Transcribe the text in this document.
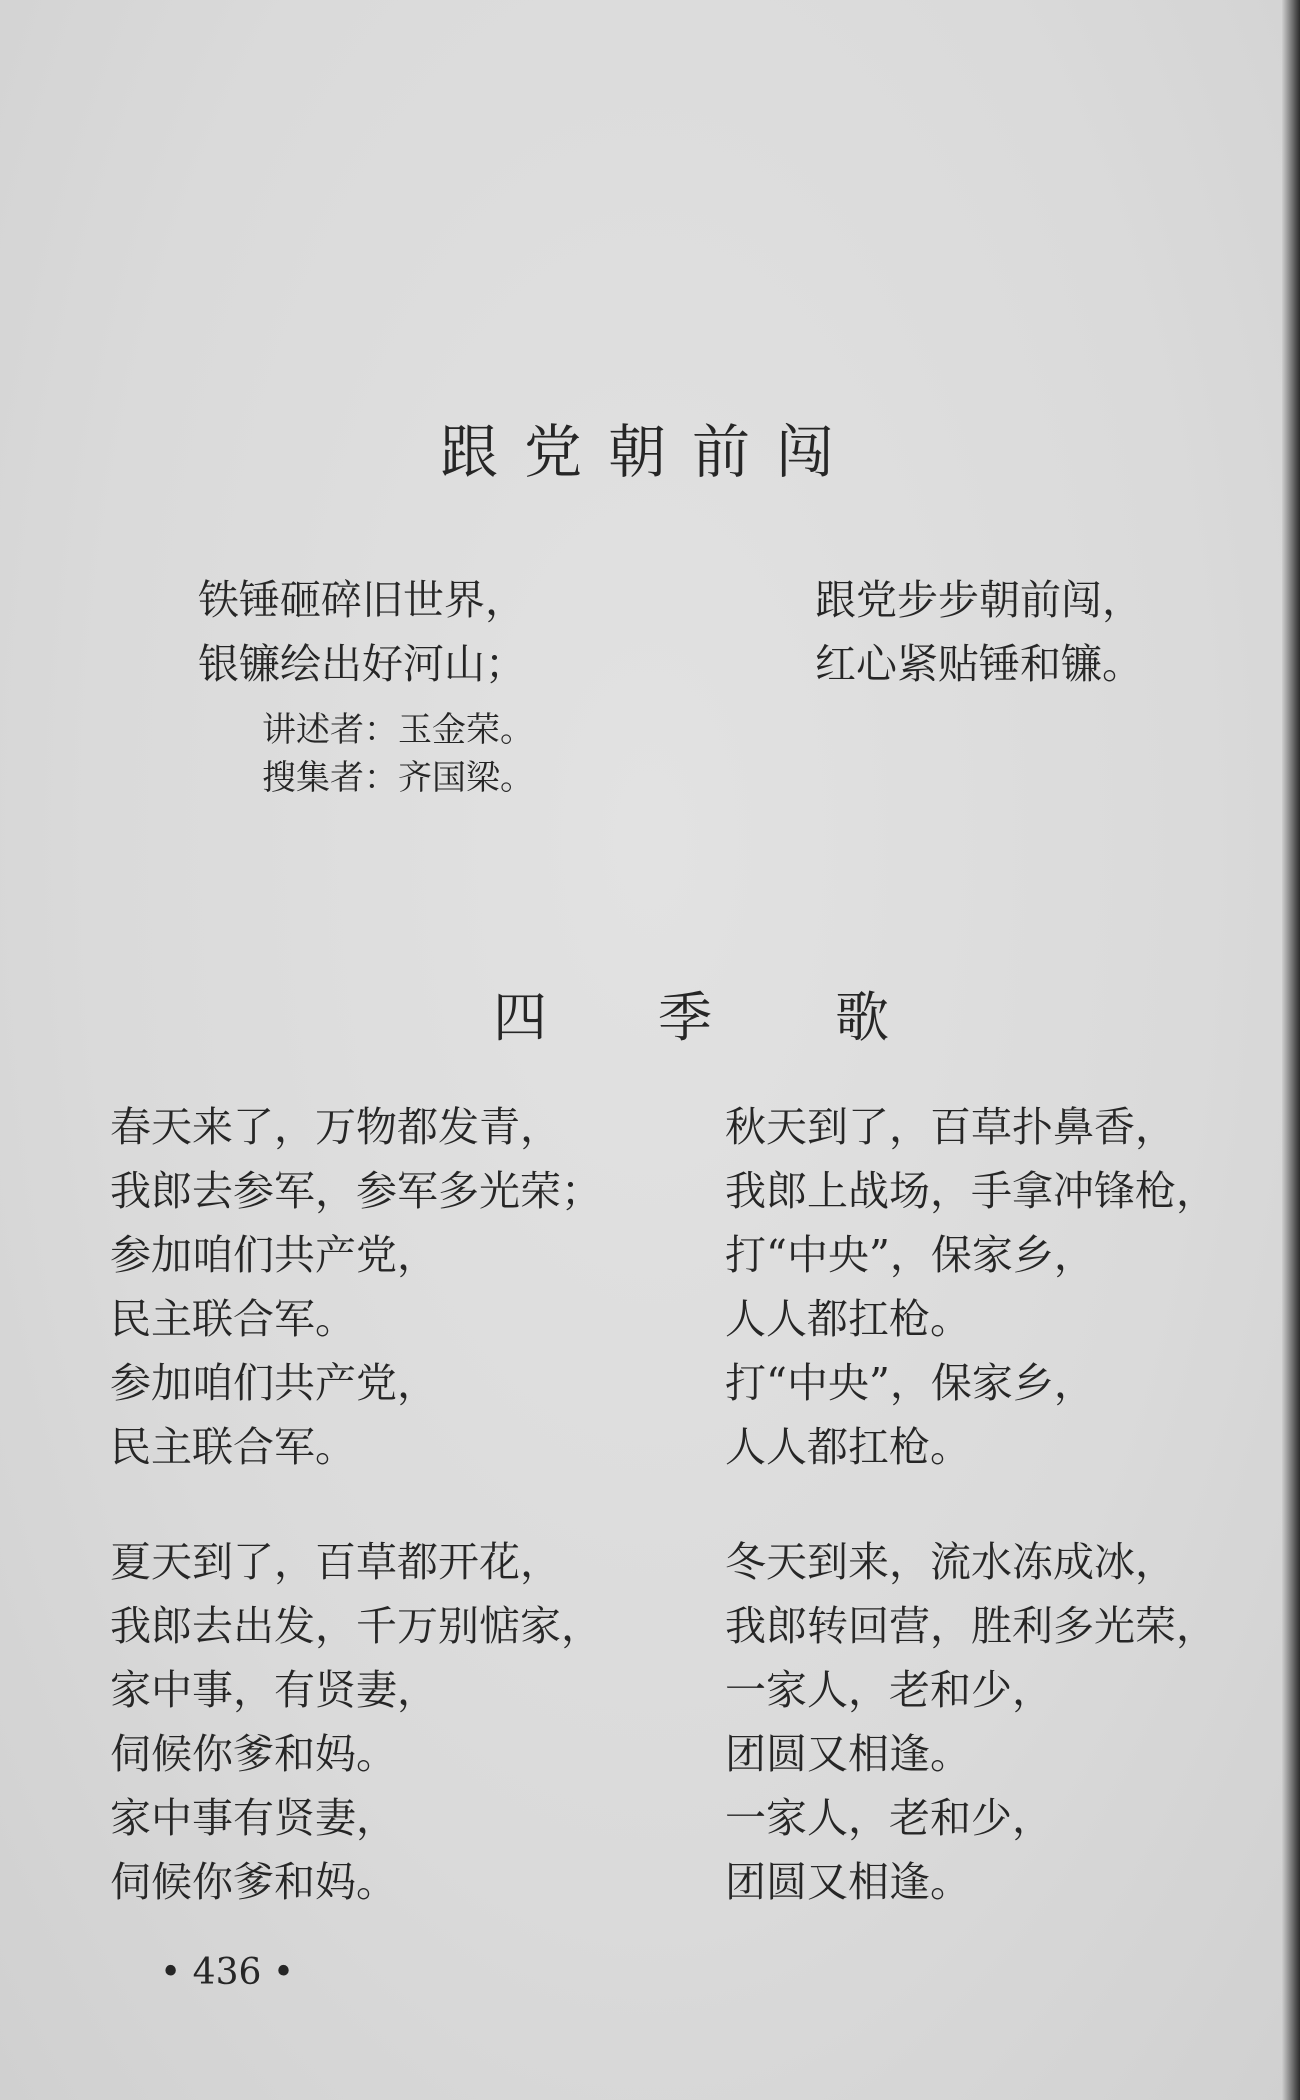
跟党朝前闯
铁锤砸碎旧世界，
银镰绘出好河山；
跟党步步朝前闯，
红心紧贴锤和镰。
讲述者：玉金荣。
搜集者：齐国梁。
四 季 歌
春天来了，万物都发青，
我郎去参军，参军多光荣；
参加咱们共产党，
民主联合军。
参加咱们共产党，
民主联合军。
秋天到了，百草扑鼻香，
我郎上战场，手拿冲锋枪，
打“中央”，保家乡，
人人都扛枪。
打“中央”，保家乡，
人人都扛枪。
夏天到了，百草都开花，
我郎去出发，千万别惦家，
家中事，有贤妻，
伺候你爹和妈。
家中事有贤妻，
伺候你爹和妈。
冬天到来，流水冻成冰，
我郎转回营，胜利多光荣，
一家人，老和少，
团圆又相逢。
一家人，老和少，
团圆又相逢。
• 436 •
